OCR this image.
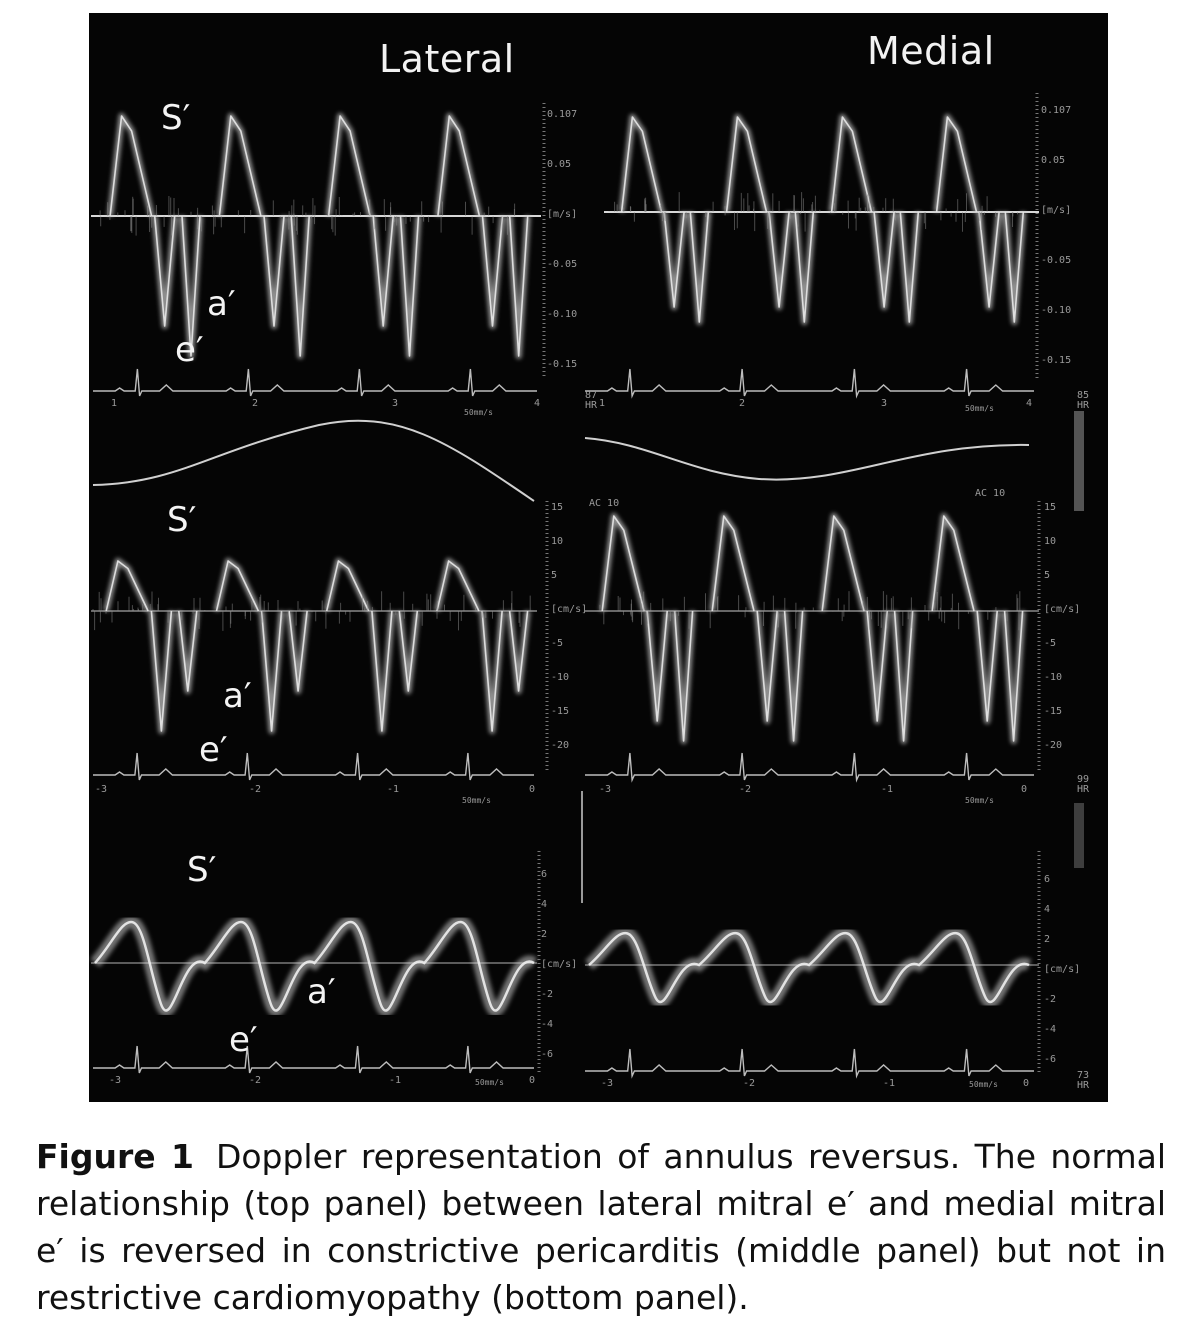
Lateral	Medial
S′
a′
e′
S′
a′
e′
S′
a′
e′
0.107
0.05
[m/s]
-0.05
-0.10
-0.15
0.107
0.05
[m/s]
-0.05
-0.10
-0.15
15
10
5
[cm/s]
-5
-10
-15
-20
15
10
5
[cm/s]
-5
-10
-15
-20
6
4
2
[cm/s]
-2
-4
-6
6
4
2
[cm/s]
-2
-4
-6
1	2	3	4	1	2	3	4
-3	-2	-1	0	-3	-2	-1	0
-3	-2	-1	0	-3	-2	-1	0
AC 10
AC 10
87
HR
85
HR
99
HR
73
HR
50mm/s	50mm/s
50mm/s	50mm/s
50mm/s	50mm/s
Figure 1 Doppler representation of annulus reversus. The normal relationship (top panel) between lateral mitral e′ and medial mitral e′ is reversed in constrictive pericarditis (middle panel) but not in restrictive cardiomyopathy (bottom panel).
